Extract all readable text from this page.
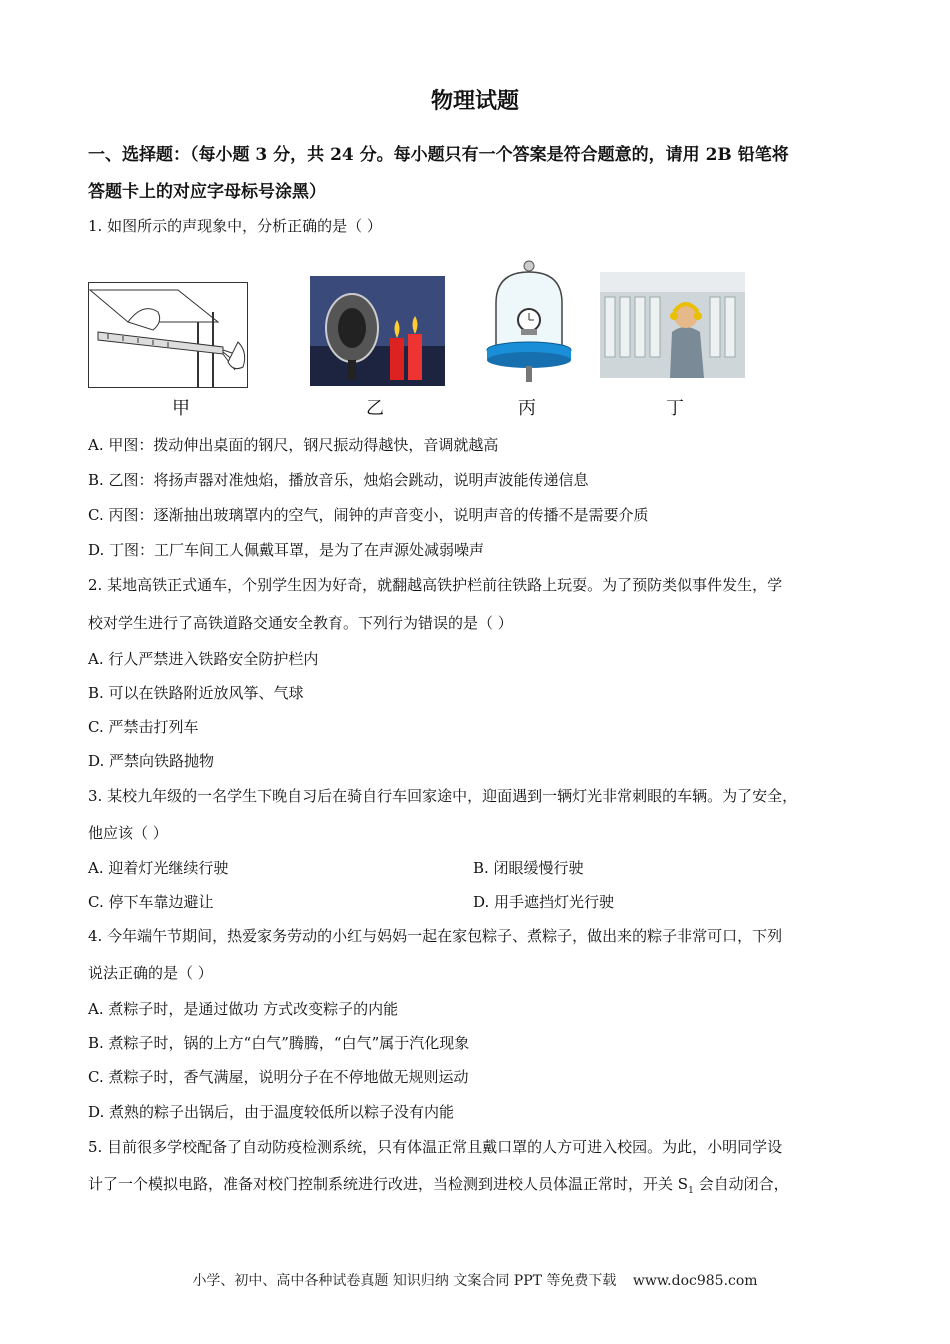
物理试题
一、选择题：（每小题 3 分，共 24 分。每小题只有一个答案是符合题意的，请用 2B 铅笔将
答题卡上的对应字母标号涂黑）
1. 如图所示的声现象中，分析正确的是（ ）
甲	乙	丙	丁
A. 甲图：拨动伸出桌面的钢尺，钢尺振动得越快，音调就越高
B. 乙图：将扬声器对准烛焰，播放音乐，烛焰会跳动，说明声波能传递信息
C. 丙图：逐渐抽出玻璃罩内的空气，闹钟的声音变小，说明声音的传播不是需要介质
D. 丁图：工厂车间工人佩戴耳罩，是为了在声源处减弱噪声
2. 某地高铁正式通车，个别学生因为好奇，就翻越高铁护栏前往铁路上玩耍。为了预防类似事件发生，学
校对学生进行了高铁道路交通安全教育。下列行为错误的是（ ）
A. 行人严禁进入铁路安全防护栏内
B. 可以在铁路附近放风筝、气球
C. 严禁击打列车
D. 严禁向铁路抛物
3. 某校九年级的一名学生下晚自习后在骑自行车回家途中，迎面遇到一辆灯光非常刺眼的车辆。为了安全，
他应该（ ）
A. 迎着灯光继续行驶	B. 闭眼缓慢行驶
C. 停下车靠边避让	D. 用手遮挡灯光行驶
4. 今年端午节期间，热爱家务劳动的小红与妈妈一起在家包粽子、煮粽子，做出来的粽子非常可口，下列
说法正确的是（ ）
A. 煮粽子时，是通过做功 方式改变粽子的内能
B. 煮粽子时，锅的上方“白气”腾腾，“白气”属于汽化现象
C. 煮粽子时，香气满屋，说明分子在不停地做无规则运动
D. 煮熟的粽子出锅后，由于温度较低所以粽子没有内能
5. 目前很多学校配备了自动防疫检测系统，只有体温正常且戴口罩的人方可进入校园。为此，小明同学设
计了一个模拟电路，准备对校门控制系统进行改进，当检测到进校人员体温正常时，开关 $S_1$ 会自动闭合，
小学、初中、高中各种试卷真题 知识归纳 文案合同 PPT 等免费下载 www.doc985.com
